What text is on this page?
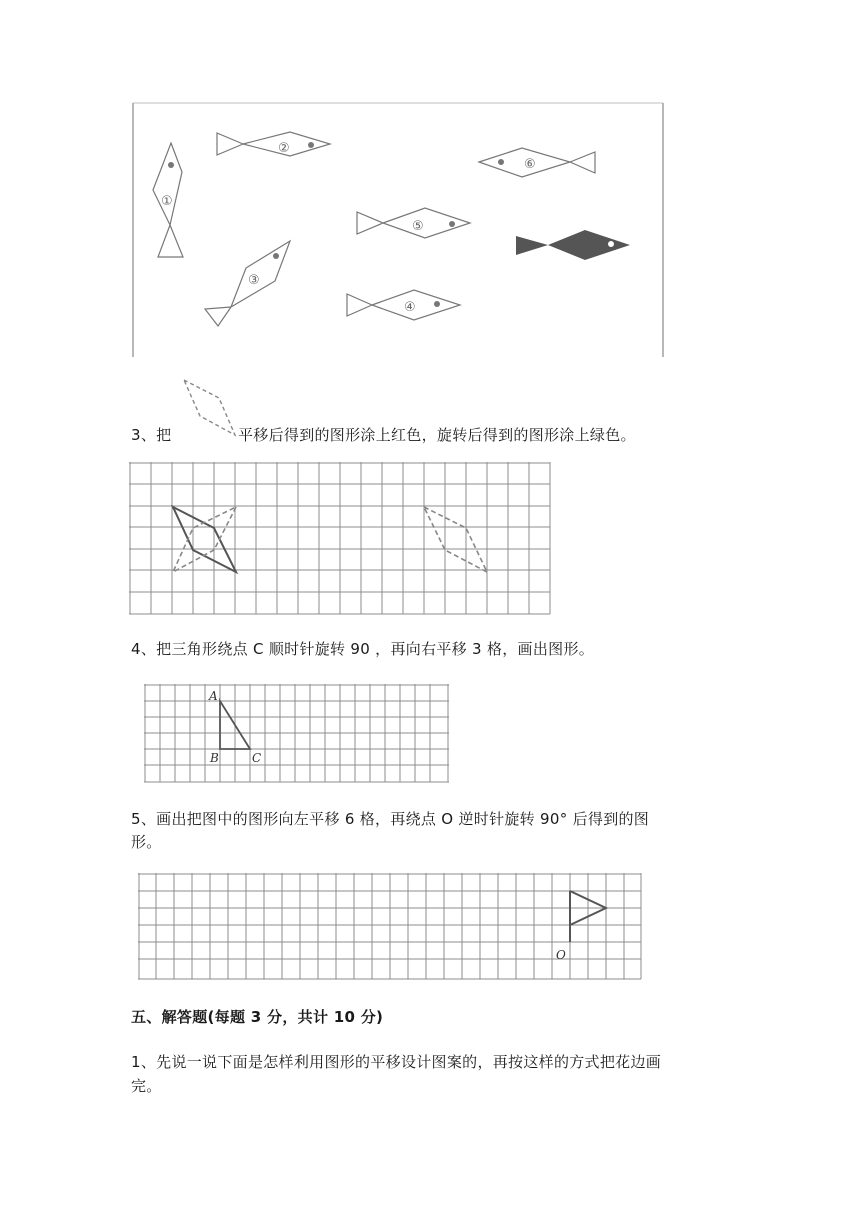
①
②
⑥
⑤
③
④
3、把	平移后得到的图形涂上红色，旋转后得到的图形涂上绿色。
4、把三角形绕点 C 顺时针旋转 90 ，再向右平移 3 格，画出图形。
A
B	C
5、画出把图中的图形向左平移 6 格，再绕点 O 逆时针旋转 90° 后得到的图
形。
O
五、解答题(每题 3 分，共计 10 分)
1、先说一说下面是怎样利用图形的平移设计图案的，再按这样的方式把花边画
完。
